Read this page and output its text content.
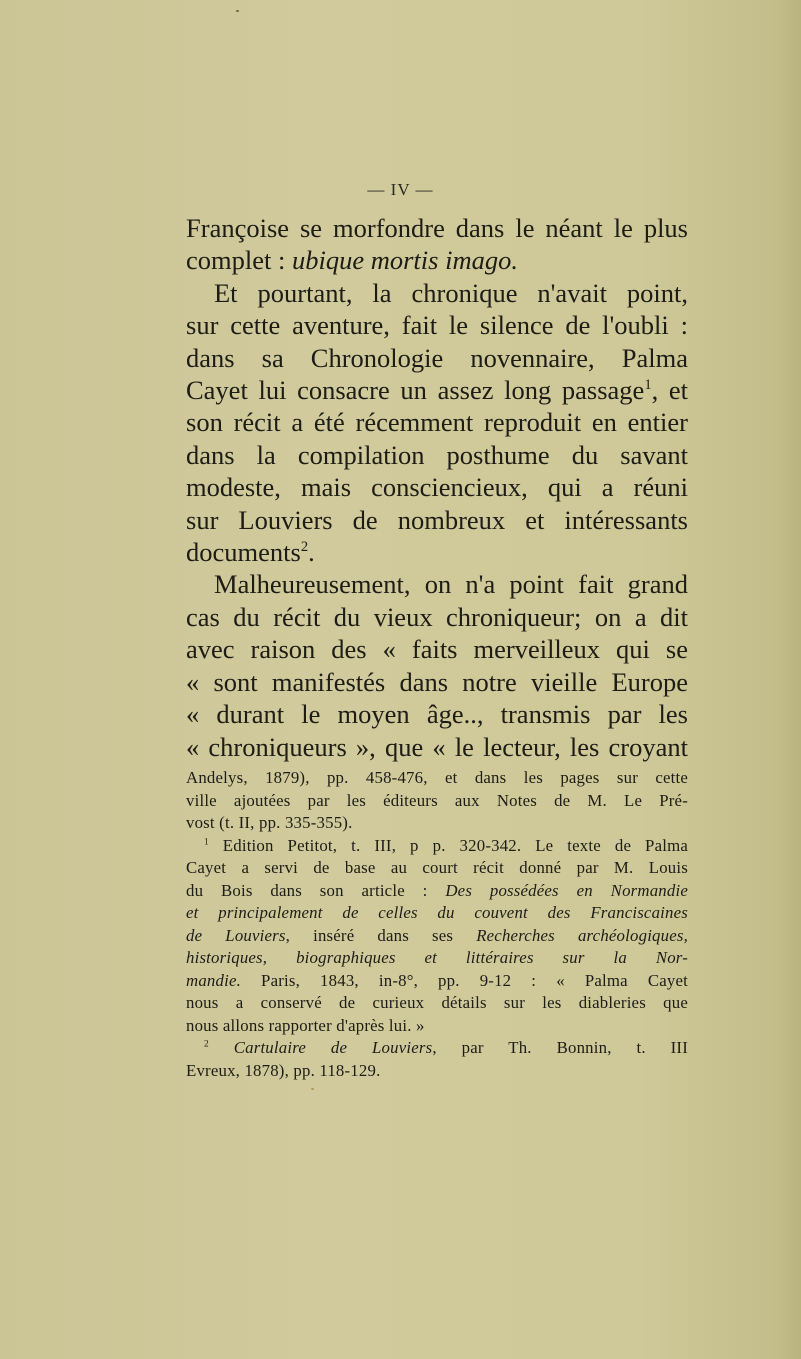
— IV —

Françoise se morfondre dans le néant le plus
complet : ubique mortis imago.

Et pourtant, la chronique n'avait point,
sur cette aventure, fait le silence de l'oubli :
dans sa Chronologie novennaire, Palma
Cayet lui consacre un assez long passage$^1$, et
son récit a été récemment reproduit en entier
dans la compilation posthume du savant
modeste, mais consciencieux, qui a réuni
sur Louviers de nombreux et intéressants
documents$^2$.

Malheureusement, on n'a point fait grand
cas du récit du vieux chroniqueur; on a dit
avec raison des « faits merveilleux qui se
« sont manifestés dans notre vieille Europe
« durant le moyen âge.., transmis par les
« chroniqueurs », que « le lecteur, les croyant

Andelys, 1879), pp. 458-476, et dans les pages sur cette
ville ajoutées par les éditeurs aux Notes de M. Le Pré-
vost (t. II, pp. 335-355).
$^1$ Edition Petitot, t. III, p p. 320-342. Le texte de Palma
Cayet a servi de base au court récit donné par M. Louis
du Bois dans son article : Des possédées en Normandie
et principalement de celles du couvent des Franciscaines
de Louviers, inséré dans ses Recherches archéologiques,
historiques, biographiques et littéraires sur la Nor-
mandie. Paris, 1843, in-8°, pp. 9-12 : « Palma Cayet
nous a conservé de curieux détails sur les diableries que
nous allons rapporter d'après lui. »
$^2$ Cartulaire de Louviers, par Th. Bonnin, t. III
Evreux, 1878), pp. 118-129.
